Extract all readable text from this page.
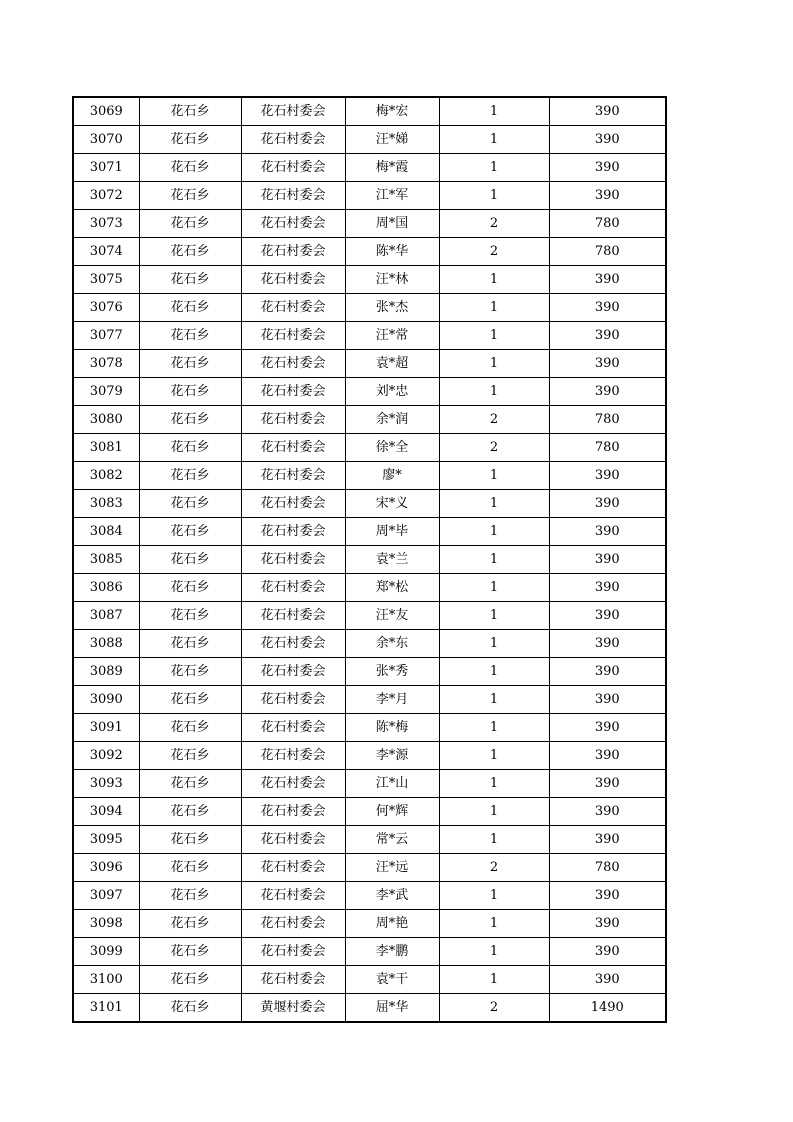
3069	花石乡	花石村委会	梅*宏	1	390
3070	花石乡	花石村委会	汪*娣	1	390
3071	花石乡	花石村委会	梅*霞	1	390
3072	花石乡	花石村委会	江*军	1	390
3073	花石乡	花石村委会	周*国	2	780
3074	花石乡	花石村委会	陈*华	2	780
3075	花石乡	花石村委会	汪*林	1	390
3076	花石乡	花石村委会	张*杰	1	390
3077	花石乡	花石村委会	汪*常	1	390
3078	花石乡	花石村委会	袁*超	1	390
3079	花石乡	花石村委会	刘*忠	1	390
3080	花石乡	花石村委会	余*润	2	780
3081	花石乡	花石村委会	徐*全	2	780
3082	花石乡	花石村委会	廖*	1	390
3083	花石乡	花石村委会	宋*义	1	390
3084	花石乡	花石村委会	周*毕	1	390
3085	花石乡	花石村委会	袁*兰	1	390
3086	花石乡	花石村委会	郑*松	1	390
3087	花石乡	花石村委会	汪*友	1	390
3088	花石乡	花石村委会	余*东	1	390
3089	花石乡	花石村委会	张*秀	1	390
3090	花石乡	花石村委会	李*月	1	390
3091	花石乡	花石村委会	陈*梅	1	390
3092	花石乡	花石村委会	李*源	1	390
3093	花石乡	花石村委会	江*山	1	390
3094	花石乡	花石村委会	何*辉	1	390
3095	花石乡	花石村委会	常*云	1	390
3096	花石乡	花石村委会	汪*远	2	780
3097	花石乡	花石村委会	李*武	1	390
3098	花石乡	花石村委会	周*艳	1	390
3099	花石乡	花石村委会	李*鹏	1	390
3100	花石乡	花石村委会	袁*干	1	390
3101	花石乡	黄堰村委会	屈*华	2	1490
